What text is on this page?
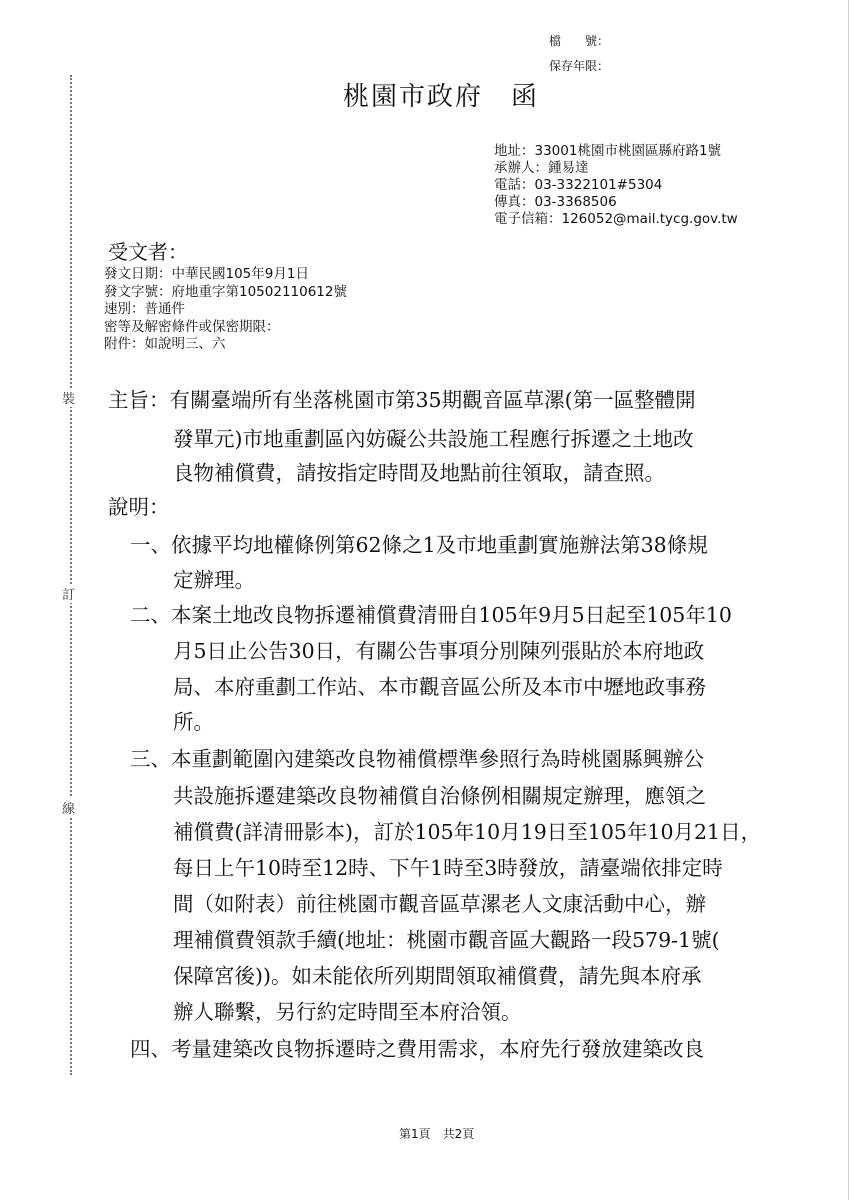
裝
訂
線
檔　　號：
保存年限：
桃園市政府　函
地址：33001桃園市桃園區縣府路1號
承辦人：鍾易達
電話：03-3322101#5304
傳真：03-3368506
電子信箱：126052@mail.tycg.gov.tw
受文者：
發文日期：中華民國105年9月1日
發文字號：府地重字第10502110612號
速別：普通件
密等及解密條件或保密期限：
附件：如說明三、六
主旨：有關臺端所有坐落桃園市第35期觀音區草漯(第一區整體開
發單元)市地重劃區內妨礙公共設施工程應行拆遷之土地改
良物補償費，請按指定時間及地點前往領取，請查照。
說明：
一、依據平均地權條例第62條之1及市地重劃實施辦法第38條規
定辦理。
二、本案土地改良物拆遷補償費清冊自105年9月5日起至105年10
月5日止公告30日，有關公告事項分別陳列張貼於本府地政
局、本府重劃工作站、本市觀音區公所及本市中壢地政事務
所。
三、本重劃範圍內建築改良物補償標準參照行為時桃園縣興辦公
共設施拆遷建築改良物補償自治條例相關規定辦理，應領之
補償費(詳清冊影本)，訂於105年10月19日至105年10月21日，
每日上午10時至12時、下午1時至3時發放，請臺端依排定時
間（如附表）前往桃園市觀音區草漯老人文康活動中心，辦
理補償費領款手續(地址：桃園市觀音區大觀路一段579-1號(
保障宮後))。如未能依所列期間領取補償費，請先與本府承
辦人聯繫，另行約定時間至本府洽領。
四、考量建築改良物拆遷時之費用需求，本府先行發放建築改良
第1頁　共2頁
